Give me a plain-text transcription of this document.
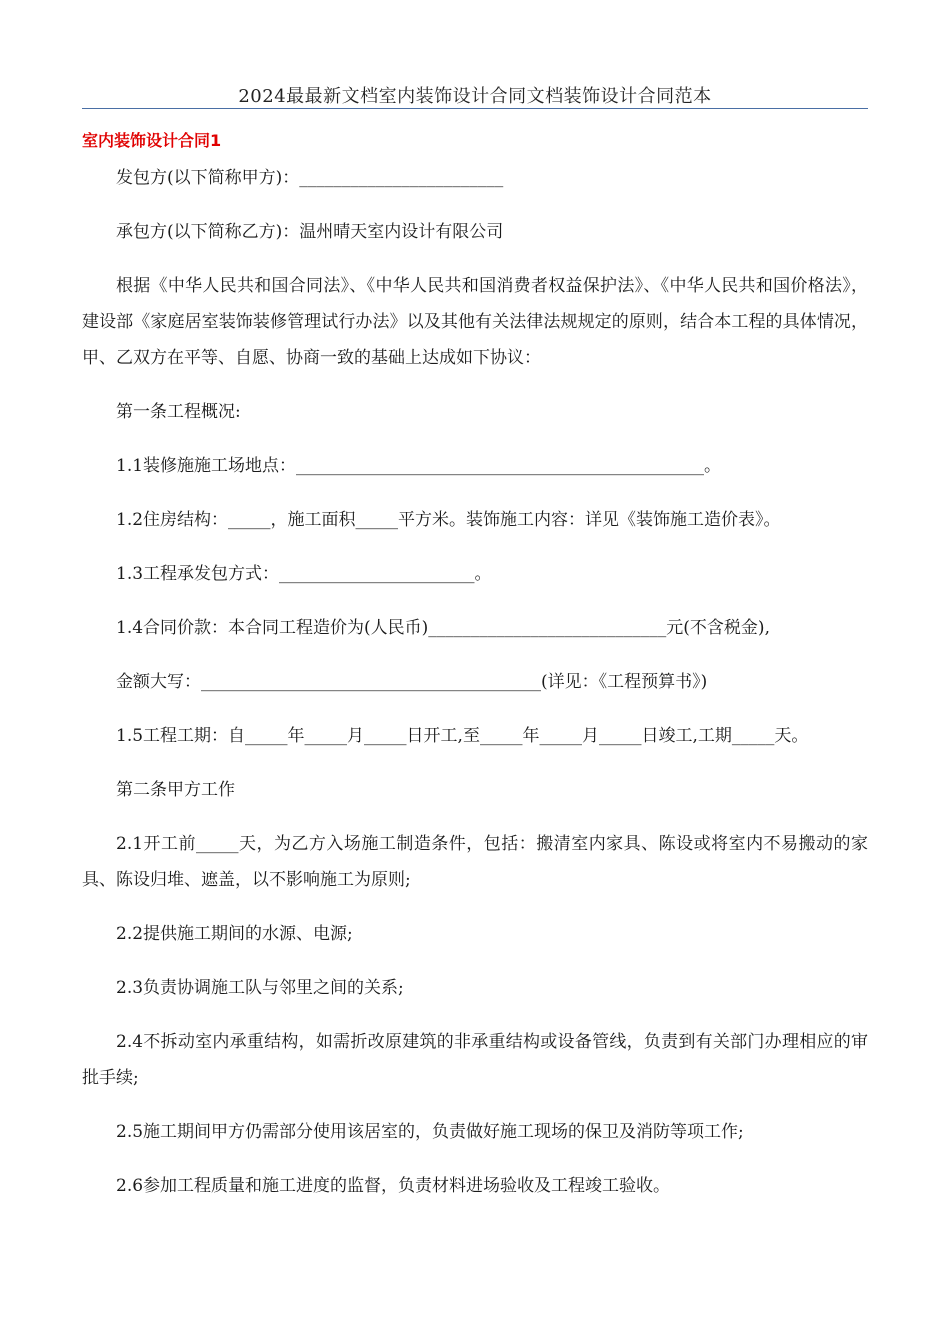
2024最最新文档室内装饰设计合同文档装饰设计合同范本
室内装饰设计合同1

发包方(以下简称甲方)：________________________

承包方(以下简称乙方)：温州晴天室内设计有限公司

根据《中华人民共和国合同法》、《中华人民共和国消费者权益保护法》、《中华人民共和国价格法》，建设部《家庭居室装饰装修管理试行办法》以及其他有关法律法规规定的原则，结合本工程的具体情况，甲、乙双方在平等、自愿、协商一致的基础上达成如下协议：

第一条工程概况:

1.1装修施施工场地点：________________________________________________。

1.2住房结构：_____，施工面积_____平方米。装饰施工内容：详见《装饰施工造价表》。

1.3工程承发包方式：_______________________。

1.4合同价款：本合同工程造价为(人民币)____________________________元(不含税金),

金额大写：________________________________________(详见：《工程预算书》)

1.5工程工期：自_____年_____月_____日开工,至_____年_____月_____日竣工,工期_____天。

第二条甲方工作

2.1开工前_____天，为乙方入场施工制造条件，包括：搬清室内家具、陈设或将室内不易搬动的家具、陈设归堆、遮盖，以不影响施工为原则;

2.2提供施工期间的水源、电源;

2.3负责协调施工队与邻里之间的关系;

2.4不拆动室内承重结构，如需折改原建筑的非承重结构或设备管线，负责到有关部门办理相应的审批手续;

2.5施工期间甲方仍需部分使用该居室的，负责做好施工现场的保卫及消防等项工作;

2.6参加工程质量和施工进度的监督，负责材料进场验收及工程竣工验收。
